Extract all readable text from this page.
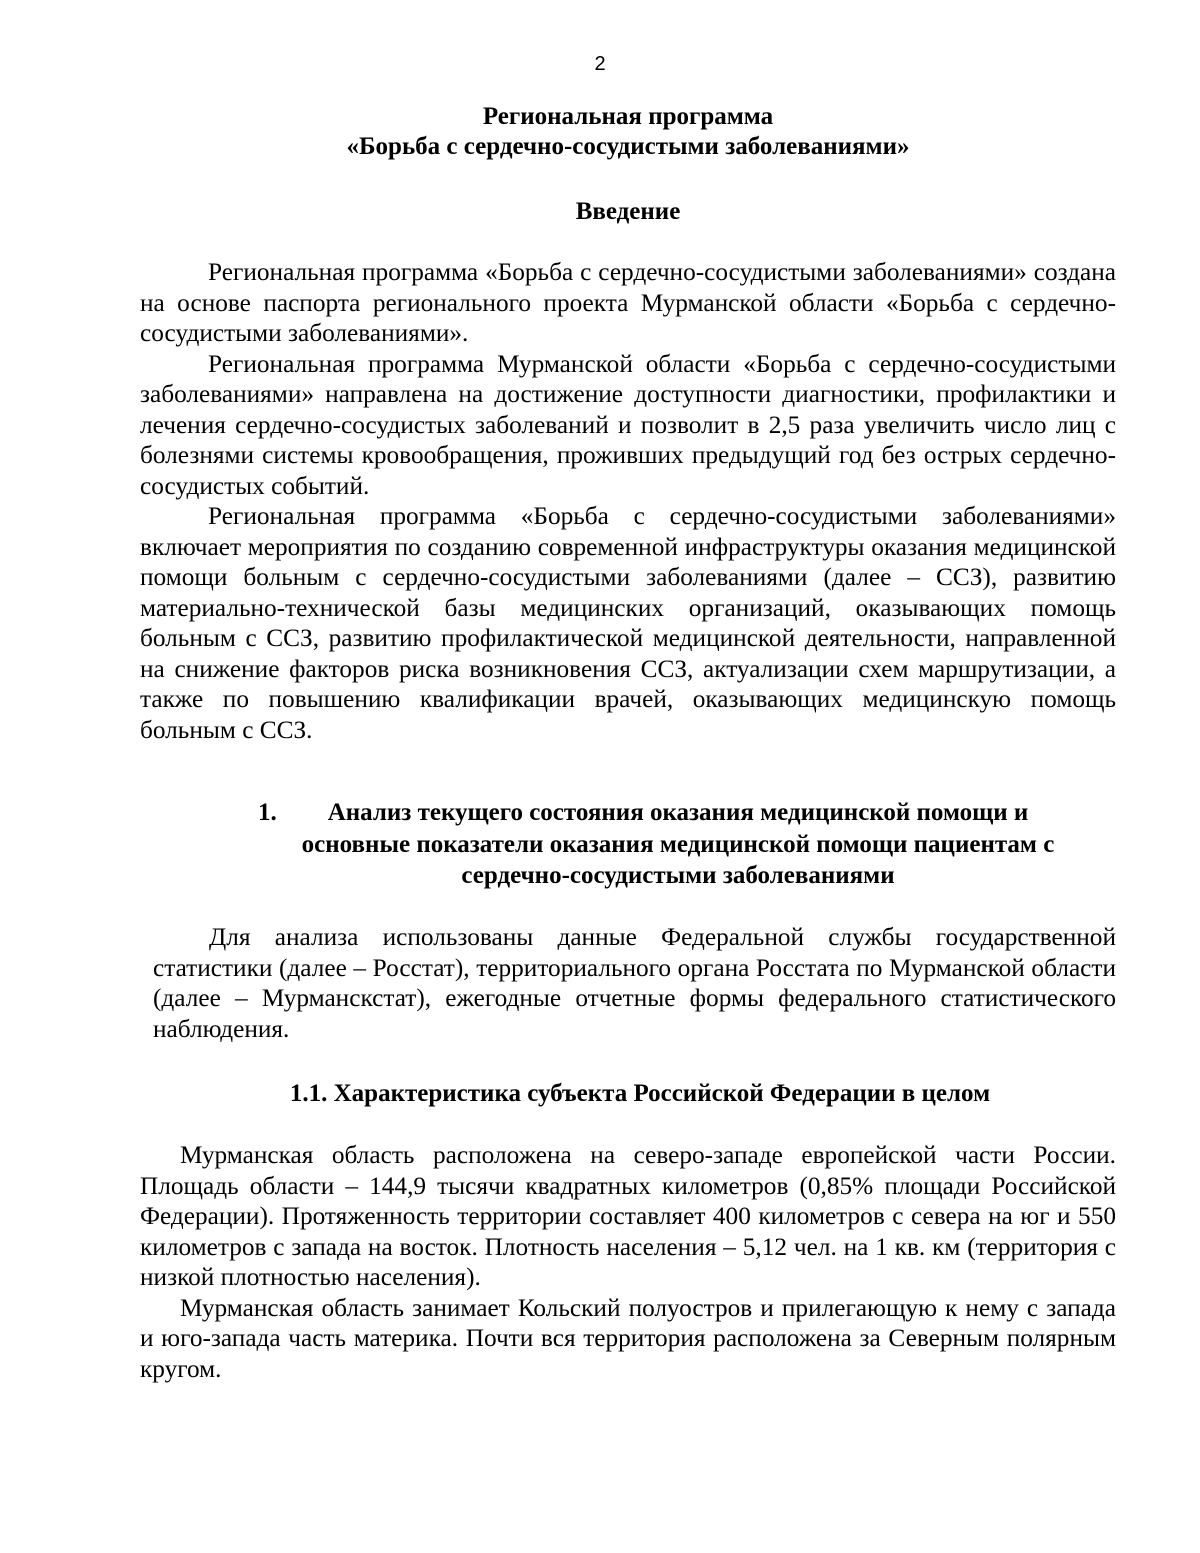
2
Региональная программа
«Борьба с сердечно-сосудистыми заболеваниями»
Введение

Региональная программа «Борьба с сердечно-сосудистыми заболеваниями» создана на основе паспорта регионального проекта Мурманской области «Борьба с сердечно-сосудистыми заболеваниями».

Региональная программа Мурманской области «Борьба с сердечно-сосудистыми заболеваниями» направлена на достижение доступности диагностики, профилактики и лечения сердечно-сосудистых заболеваний и позволит в 2,5 раза увеличить число лиц с болезнями системы кровообращения, проживших предыдущий год без острых сердечно-сосудистых событий.

Региональная программа «Борьба с сердечно-сосудистыми заболеваниями» включает мероприятия по созданию современной инфраструктуры оказания медицинской помощи больным с сердечно-сосудистыми заболеваниями (далее – ССЗ), развитию материально-технической базы медицинских организаций, оказывающих помощь больным с ССЗ, развитию профилактической медицинской деятельности, направленной на снижение факторов риска возникновения ССЗ, актуализации схем маршрутизации, а также по повышению квалификации врачей, оказывающих медицинскую помощь больным с ССЗ.

1.	Анализ текущего состояния оказания медицинской помощи и
основные показатели оказания медицинской помощи пациентам с
сердечно-сосудистыми заболеваниями

Для анализа использованы данные Федеральной службы государственной статистики (далее – Росстат), территориального органа Росстата по Мурманской области (далее – Мурманскстат), ежегодные отчетные формы федерального статистического наблюдения.

1.1. Характеристика субъекта Российской Федерации в целом

Мурманская область расположена на северо-западе европейской части России. Площадь области – 144,9 тысячи квадратных километров (0,85% площади Российской Федерации). Протяженность территории составляет 400 километров с севера на юг и 550 километров с запада на восток. Плотность населения – 5,12 чел. на 1 кв. км (территория с низкой плотностью населения).

Мурманская область занимает Кольский полуостров и прилегающую к нему с запада и юго-запада часть материка. Почти вся территория расположена за Северным полярным кругом.
